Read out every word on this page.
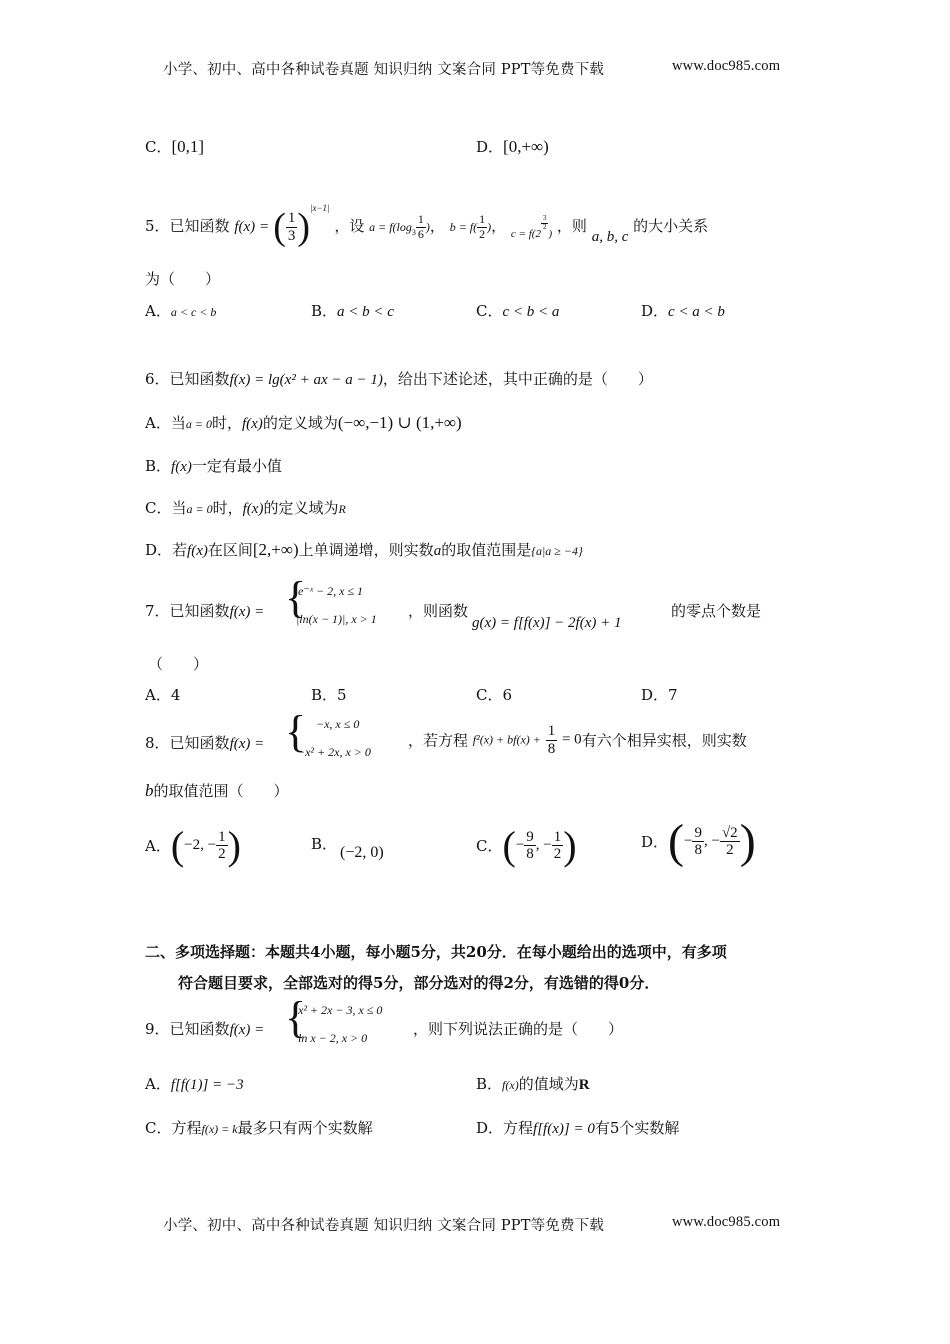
小学、初中、高中各种试卷真题 知识归纳 文案合同 PPT等免费下载	www.doc985.com
C．[0,1]	D．[0,+∞)
5．已知函数 f(x) = ( $\frac{1}{3} )^{|x-1|}$ ，设 $a = f(\log_3 \frac{1}{6}$ )， $b = f( \frac{1}{2}$ )， $_{c = f(2}$
$\frac{3}{2}$
$_)$ ，则 a, b, c 的大小关系
为（　　）
A．a < c < b	B．a < b < c	C．c < b < a	D．c < a < b
6．已知函数f(x) = lg(x² + ax − a − 1)，给出下述论述，其中正确的是（　　）
A．当a = 0时，f(x)的定义域为(−∞,−1) ∪ (1,+∞)
B．f(x)一定有最小值
C．当a = 0时，f(x)的定义域为R
D．若f(x)在区间[2,+∞)上单调递增，则实数a的取值范围是{a|a ≥ −4}
7．已知函数f(x) = {
e⁻ˣ − 2, x ≤ 1
|ln(x − 1)|, x > 1 ，则函数
g(x) = f[f(x)] − 2f(x) + 1
的零点个数是
（　　）
A．4	B．5	C．6	D．7
8．已知函数f(x) = { −x, x ≤ 0
−x² + 2x, x > 0
，若方程 $f^2(x) + bf(x) + \frac{1}{8} = 0$有六个相异实根，则实数
b的取值范围（　　）
A．(−2, − $\frac{1}{2}$ )	B． (−2, 0)	C．(− $\frac{9}{8}$ , − $\frac{1}{2}$ )	D．(− $\frac{9}{8}$ , − $\frac{√2}{2}$ )
二、多项选择题：本题共4小题，每小题5分，共20分．在每小题给出的选项中，有多项
符合题目要求，全部选对的得5分，部分选对的得2分，有选错的得0分．
9．已知函数f(x) = {
x² + 2x − 3, x ≤ 0
ln x − 2, x > 0	，则下列说法正确的是（　　）
A．f[f(1)] = −3	B．f(x)的值域为R
C．方程f(x) = k最多只有两个实数解	D．方程f[f(x)] = 0有5个实数解
小学、初中、高中各种试卷真题 知识归纳 文案合同 PPT等免费下载	www.doc985.com
